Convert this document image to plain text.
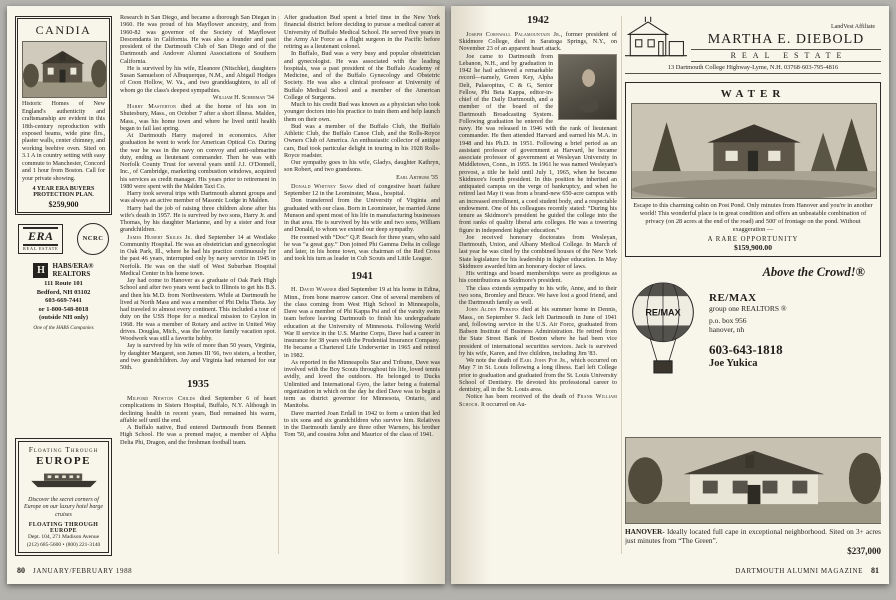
CANDIA
Historic Homes of New England's authenticity and craftsmanship are evident in this 18th-century reproduction with exposed beams, wide pine flrs., plaster walls, center chimney, and working beehive oven. Sited on 3.1 A in country setting with easy commute to Manchester, Concord and 1 hour from Boston. Call for your private showing.
4 YEAR ERA BUYERS PROTECTION PLAN.
$259,900
ERA
REAL ESTATE
NCRC
H	HABS/ERA®
REALTORS
111 Route 101
Bedford, NH 03102
603-669-7441
or 1-800-548-8018
(outside NH only)
One of the HABS Companies
Floating Through
EUROPE
Discover the secret corners of Europe on our luxury hotel barge cruises
FLOATING THROUGH EUROPE
Dept. 104, 271 Madison Avenue
(212) 685-5600 • (800) 221-3140

Research in San Diego, and became a thorough San Diegan in 1960. He was proud of his Mayflower ancestry, and from 1960-82 was governor of the Society of Mayflower Descendants in California. He was also a founder and past president of the Dartmouth Club of San Diego and of the Dartmouth and Andover Alumni Associations of Southern California.

He is survived by his wife, Eleanore (Nitschke), daughters Susan Samuelson of Albuquerque, N.M., and Abigail Hodges of Coon Hollow, W. Va., and two granddaughters, to all of whom go the class's deepest sympathies.

William H. Scherman '34

Harry Masterton died at the home of his son in Shutesbury, Mass., on October 7 after a short illness. Malden, Mass., was his home town and where he lived until health began to fail last spring.

At Dartmouth Harry majored in economics. After graduation he went to work for American Optical Co. During the war he was in the navy on convoy and anti-submarine duty, ending as lieutenant commander. Then he was with Norfolk County Trust for several years until J.J. O'Donnell, Inc., of Cambridge, marketing combustion windows, acquired his services as credit manager. His years prior to retirement in 1980 were spent with the Malden Taxi Co.

Harry took several trips with Dartmouth alumni groups and was always an active member of Masonic Lodge in Malden.

Harry had the job of raising three children alone after his wife's death in 1957. He is survived by two sons, Harry Jr. and Thomas, by his daughter Marianne, and by a sister and four grandchildren.

James Hubert Skiles Jr. died September 14 at Westlake Community Hospital. He was an obstetrician and gynecologist in Oak Park, Ill., where he had his practice continuously for the past 46 years, interrupted only by navy service in 1945 in Norfolk. He was on the staff of West Suburban Hospital Medical Center in his home town.

Jay had come to Hanover as a graduate of Oak Park High School and after two years went back to Illinois to get his B.S. and then his M.D. from Northwestern. While at Dartmouth he lived at North Mass and was a member of Phi Delta Theta. Jay had traveled to almost every continent. This included a tour of duty on the USS Hope for a medical mission to Ceylon in 1968. He was a member of Rotary and active in United Way drives. Douglas, Mich., was the favorite family vacation spot. Woodwork was still a favorite hobby.

Jay is survived by his wife of more than 50 years, Virginia, by daughter Margaret, son James III '66, two sisters, a brother, and two grandchildren. Jay and Virginia had returned for our 50th.

1935

Milford Newton Childs died September 6 of heart complications in Sisters Hospital, Buffalo, N.Y. Although in declining health in recent years, Bud remained his warm, affable self until the end.

A Buffalo native, Bud entered Dartmouth from Bennett High School. He was a premed major, a member of Alpha Delta Phi, Dragon, and the freshman football team.

After graduation Bud spent a brief time in the New York financial district before deciding to pursue a medical career at University of Buffalo Medical School. He served five years in the Army Air Force as a flight surgeon in the Pacific before retiring as a lieutenant colonel.

In Buffalo, Bud was a very busy and popular obstetrician and gynecologist. He was associated with the leading hospitals, was a past president of the Buffalo Academy of Medicine, and of the Buffalo Gynecology and Obstetric Society. He was also a clinical professor at University of Buffalo Medical School and a member of the American College of Surgeons.

Much to his credit Bud was known as a physician who took younger doctors into his practice to train them and help launch them on their own.

Bud was a member of the Buffalo Club, the Buffalo Athletic Club, the Buffalo Canoe Club, and the Rolls-Royce Owners Club of America. An enthusiastic collector of antique cars, Bud took particular delight in touring in his 1928 Rolls-Royce roadster.

Our sympathy goes to his wife, Gladys, daughter Kathryn, son Robert, and two grandsons.

Earl Arthurs '35

Donald Whitney Shaw died of congestive heart failure September 12 in the Leominster, Mass., hospital.

Don transferred from the University of Virginia and graduated with our class. Born in Leominster, he married Anne Munson and spent most of his life in manufacturing businesses in that area. He is survived by his wife and two sons, William and Donald, to whom we extend our deep sympathy.

He roomed with “Doc” Q.P. Beach for three years, who said he was “a great guy.” Don joined Phi Gamma Delta in college and later, in his home town, was chairman of the Red Cross and took his turn as leader in Cub Scouts and Little League.

1941

H. David Warner died September 19 at his home in Edina, Minn., from bone marrow cancer. One of several members of the class coming from West High School in Minneapolis, Dave was a member of Phi Kappa Psi and of the varsity swim team before leaving Dartmouth to finish his undergraduate education at the University of Minnesota. Following World War II service in the U.S. Marine Corps, Dave had a career in insurance for 38 years with the Prudential Insurance Company. He became a Chartered Life Underwriter in 1965 and retired in 1982.

As reported in the Minneapolis Star and Tribune, Dave was involved with the Boy Scouts throughout his life, loved tennis avidly, and loved the outdoors. He belonged to Ducks Unlimited and International Gyro, the latter being a fraternal organization in which on the day he died Dave was to begin a term as district governor for Minnesota, Ontario, and Manitoba.

Dave married Joan Erdall in 1942 to form a union that led to six sons and six grandchildren who survive him. Relatives in the Dartmouth family are three other Warners, his brother Tom '50, and cousins John and Maurice of the class of 1941.

80 JANUARY/FEBRUARY 1988
1942

Joseph Cornwall Palamountain Jr., former president of Skidmore College, died in Saratoga Springs, N.Y., on November 23 of an apparent heart attack.

Joe came to Dartmouth from Lebanon, N.H., and by graduation in 1942 he had achieved a remarkable record—namely, Green Key, Alpha Delt, Palaeopitus, C & G, Senior Fellow, Phi Beta Kappa, editor-in-chief of the Daily Dartmouth, and a member of the board of the Dartmouth Broadcasting System. Following graduation he entered the navy. He was released in 1946 with the rank of lieutenant commander. He then attended Harvard and earned his M.A. in 1948 and his Ph.D. in 1951. Following a brief period as an assistant professor of government at Harvard, he became associate professor of government at Wesleyan University in Middletown, Conn., in 1955. In 1961 he was named Wesleyan's provost, a title he held until July 1, 1965, when he became Skidmore's fourth president. In this position he inherited an antiquated campus on the verge of bankruptcy, and when he retired last May it was from a brand-new 650-acre campus with an increased enrollment, a coed student body, and a respectable endowment. One of his colleagues recently stated: “During his tenure as Skidmore's president he guided the college into the front ranks of quality liberal arts colleges. He was a towering figure in independent higher education.”

Joe received honorary doctorates from Wesleyan, Dartmouth, Union, and Albany Medical College. In March of last year he was cited by the combined houses of the New York State legislature for his leadership in higher education. In May Skidmore awarded him an honorary doctor of laws.

His writings and board memberships were as prodigious as his contributions as Skidmore's president.

The class extends sympathy to his wife, Anne, and to their two sons, Bromley and Bruce. We have lost a good friend, and the Dartmouth family as well.

John Alden Perkins died at his summer home in Dennis, Mass., on September 9. Jack left Dartmouth in June of 1941 and, following service in the U.S. Air Force, graduated from Babson Institute of Business Administration. He retired from the State Street Bank of Boston where he had been vice president of international securities services. Jack is survived by his wife, Karen, and five children, including Jim '83.

We note the death of Earl John Poe Jr., which occurred on May 7 in St. Louis following a long illness. Earl left College prior to graduation and graduated from the St. Louis University School of Dentistry. He devoted his professional career to dentistry, all in the St. Louis area.

Notice has been received of the death of Frank William Schoch. It occurred on Au-

LandVest Affiliate
MARTHA E. DIEBOLD
REAL ESTATE
13 Dartmouth College Highway-Lyme, N.H. 03768·603-795-4816
WATER
Escape to this charming cabin on Post Pond. Only minutes from Hanover and you're in another world! This wonderful place is in great condition and offers an unbeatable combination of privacy (on 28 acres at the end of the road) and 500' of frontage on the pond. Without exaggeration —
A RARE OPPORTUNITY
$159,900.00
Above the Crowd!®
RE/MAX
RE/MAX
group one REALTORS ®
p.o. box 956
hanover, nh
603-643-1818
Joe Yukica

HANOVER- Ideally located full cape in exceptional neighborhood. Sited on 3+ acres just minutes from “The Green”.
$237,000

DARTMOUTH ALUMNI MAGAZINE 81
